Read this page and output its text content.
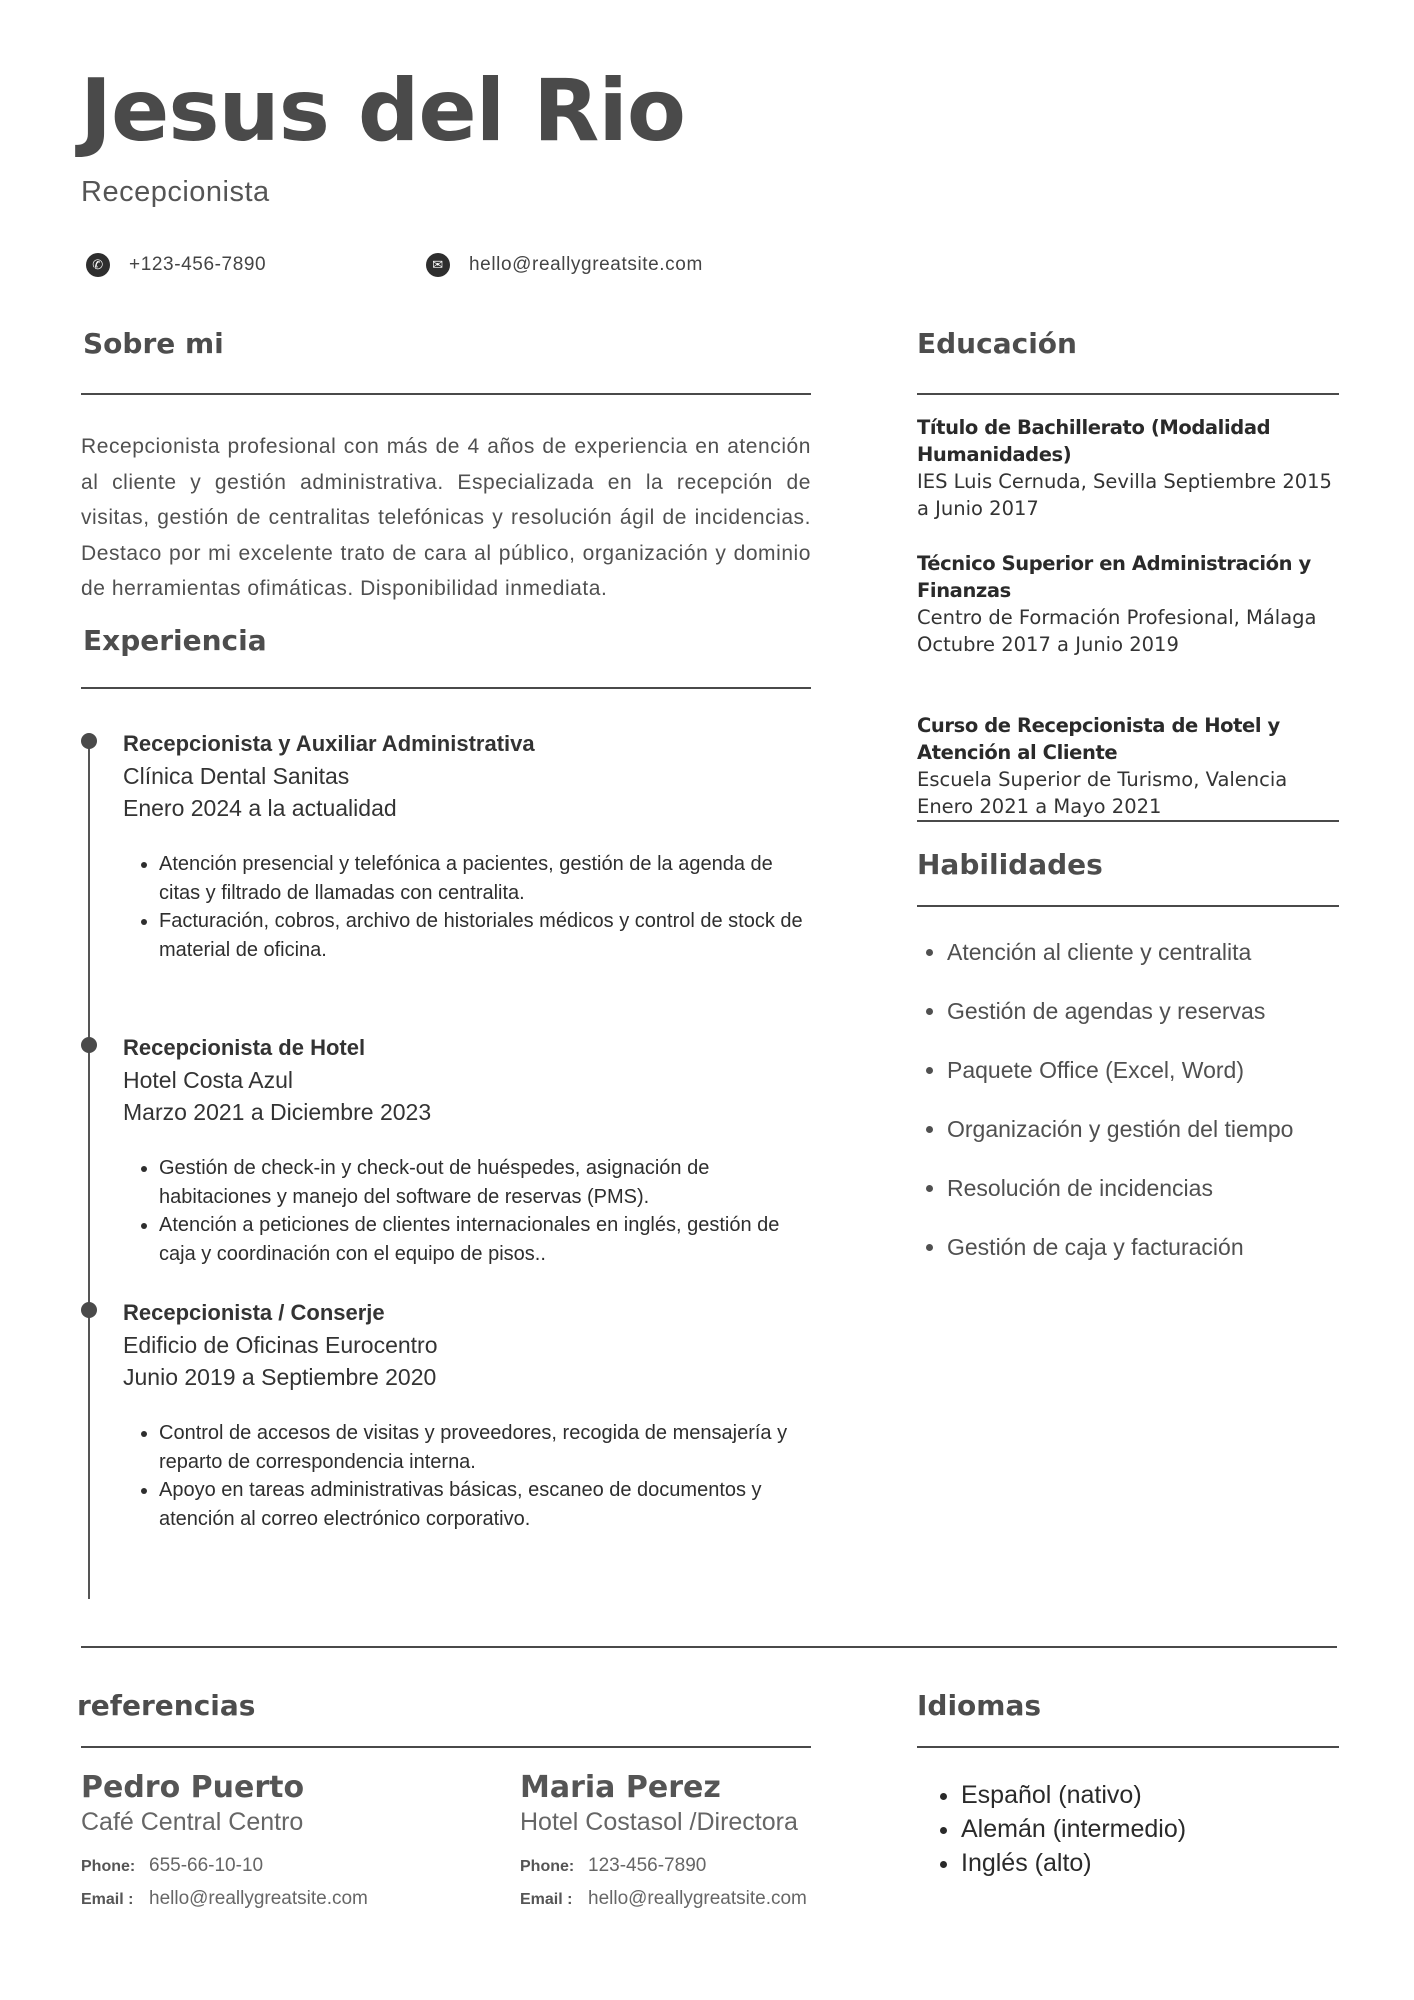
Jesus del Rio
Recepcionista
✆	+123-456-7890	✉	hello@reallygreatsite.com
Sobre mi

Recepcionista profesional con más de 4 años de experiencia en atención al cliente y gestión administrativa. Especializada en la recepción de visitas, gestión de centralitas telefónicas y resolución ágil de incidencias. Destaco por mi excelente trato de cara al público, organización y dominio de herramientas ofimáticas. Disponibilidad inmediata.

Experiencia
Recepcionista y Auxiliar Administrativa
Clínica Dental Sanitas
Enero 2024 a la actualidad
• Atención presencial y telefónica a pacientes, gestión de la agenda de citas y filtrado de llamadas con centralita.
• Facturación, cobros, archivo de historiales médicos y control de stock de material de oficina.
Recepcionista de Hotel
Hotel Costa Azul
Marzo 2021 a Diciembre 2023
• Gestión de check-in y check-out de huéspedes, asignación de habitaciones y manejo del software de reservas (PMS).
• Atención a peticiones de clientes internacionales en inglés, gestión de caja y coordinación con el equipo de pisos..
Recepcionista / Conserje
Edificio de Oficinas Eurocentro
Junio 2019 a Septiembre 2020
• Control de accesos de visitas y proveedores, recogida de mensajería y reparto de correspondencia interna.
• Apoyo en tareas administrativas básicas, escaneo de documentos y atención al correo electrónico corporativo.
Educación
Título de Bachillerato (Modalidad Humanidades)
IES Luis Cernuda, Sevilla Septiembre 2015 a Junio 2017
Técnico Superior en Administración y Finanzas
Centro de Formación Profesional, Málaga
Octubre 2017 a Junio 2019
Curso de Recepcionista de Hotel y Atención al Cliente
Escuela Superior de Turismo, Valencia
Enero 2021 a Mayo 2021
Habilidades
• Atención al cliente y centralita
• Gestión de agendas y reservas
• Paquete Office (Excel, Word)
• Organización y gestión del tiempo
• Resolución de incidencias
• Gestión de caja y facturación
referencias
Pedro Puerto
Café Central Centro
Phone: 655-66-10-10
Email : hello@reallygreatsite.com
Maria Perez
Hotel Costasol /Directora
Phone: 123-456-7890
Email : hello@reallygreatsite.com
Idiomas
• Español (nativo)
• Alemán (intermedio)
• Inglés (alto)
